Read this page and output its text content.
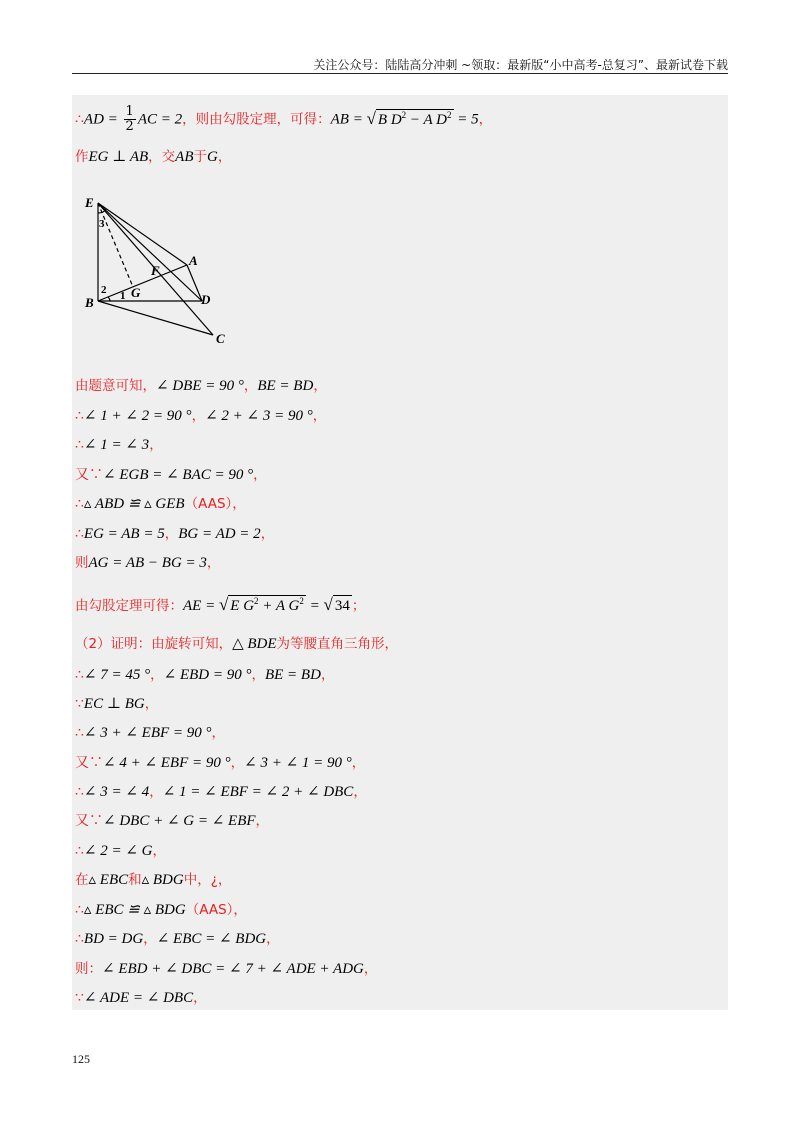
关注公众号：陆陆高分冲刺 ~领取：最新版“小中高考-总复习”、最新试卷下载
∴AD = $\frac{1}{2}$ AC = 2，则由勾股定理，可得：AB = √ B $D^2 - A$ $D^2 = 5$，
作EG ⊥ AB，交AB于G，
E
A
B	D
C
F
G
1
2
3
由题意可知，∠ DBE = 90 °，BE = BD，
∴∠ 1 + ∠ 2 = 90 °，∠ 2 + ∠ 3 = 90 °，
∴∠ 1 = ∠ 3，
又∵∠ EGB = ∠ BAC = 90 °，
∴▵ ABD ≌ ▵ GEB（AAS），
∴EG = AB = 5，BG = AD = 2，
则AG = AB − BG = 3，
由勾股定理可得：AE = √ E $G^2 + A$ $G^2$ = √ 34 ；
（2）证明：由旋转可知，△ BDE为等腰直角三角形，
∴∠ 7 = 45 °，∠ EBD = 90 °，BE = BD，
∵EC ⊥ BG，
∴∠ 3 + ∠ EBF = 90 °，
又∵∠ 4 + ∠ EBF = 90 °，∠ 3 + ∠ 1 = 90 °，
∴∠ 3 = ∠ 4，∠ 1 = ∠ EBF = ∠ 2 + ∠ DBC，
又∵∠ DBC + ∠ G = ∠ EBF，
∴∠ 2 = ∠ G，
在▵ EBC和▵ BDG中，¿，
∴▵ EBC ≌ ▵ BDG（AAS），
∴BD = DG，∠ EBC = ∠ BDG，
则：∠ EBD + ∠ DBC = ∠ 7 + ∠ ADE + ADG，
∵∠ ADE = ∠ DBC，
125
